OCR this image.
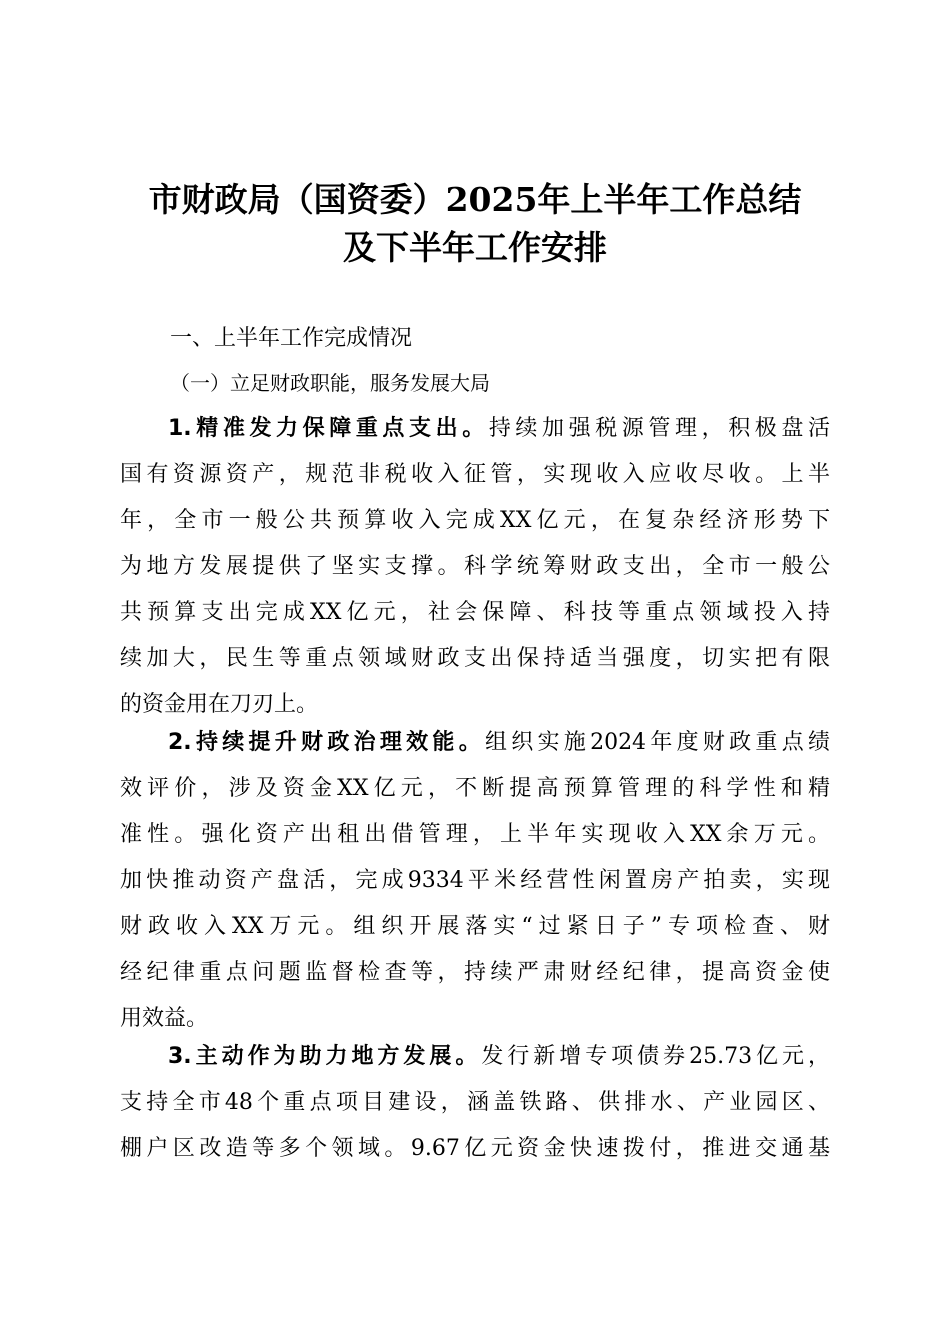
市财政局（国资委）2025年上半年工作总结
及下半年工作安排
一、上半年工作完成情况
（一）立足财政职能，服务发展大局
1.精准发力保障重点支出。持续加强税源管理，积极盘活
国有资源资产，规范非税收入征管，实现收入应收尽收。上半
年，全市一般公共预算收入完成XX亿元，在复杂经济形势下
为地方发展提供了坚实支撑。科学统筹财政支出，全市一般公
共预算支出完成XX亿元，社会保障、科技等重点领域投入持
续加大，民生等重点领域财政支出保持适当强度，切实把有限
的资金用在刀刃上。
2.持续提升财政治理效能。组织实施2024年度财政重点绩
效评价，涉及资金XX亿元，不断提高预算管理的科学性和精
准性。强化资产出租出借管理，上半年实现收入XX余万元。
加快推动资产盘活，完成9334平米经营性闲置房产拍卖，实现
财政收入XX万元。组织开展落实“过紧日子”专项检查、财
经纪律重点问题监督检查等，持续严肃财经纪律，提高资金使
用效益。
3.主动作为助力地方发展。发行新增专项债券25.73亿元，
支持全市48个重点项目建设，涵盖铁路、供排水、产业园区、
棚户区改造等多个领域。9.67亿元资金快速拨付，推进交通基
